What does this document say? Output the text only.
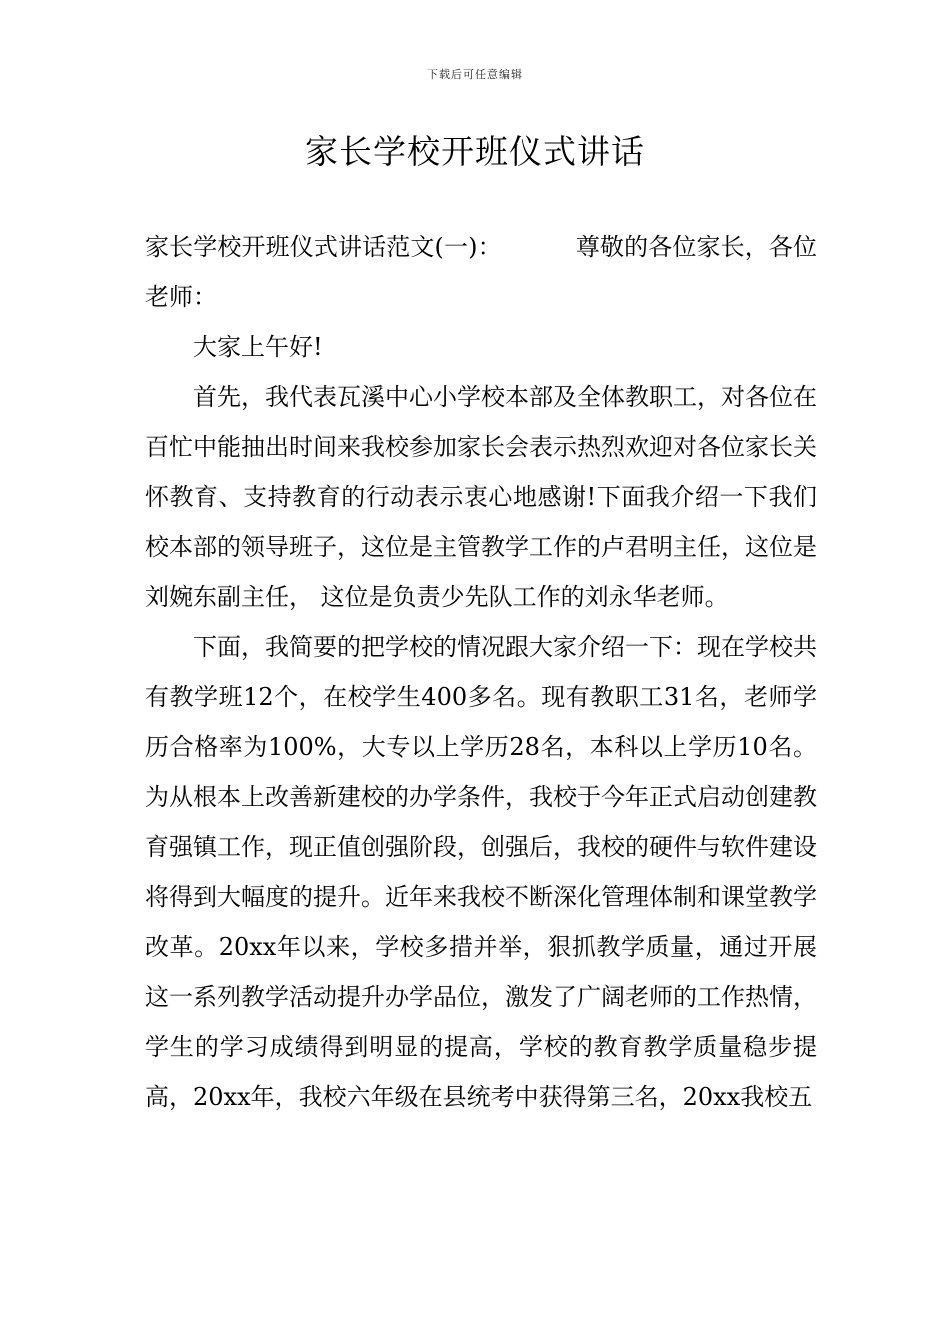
下载后可任意编辑
家长学校开班仪式讲话

家长学校开班仪式讲话范文(一)：	尊敬的各位家长，各位老师：

大家上午好!

首先，我代表瓦溪中心小学校本部及全体教职工，对各位在百忙中能抽出时间来我校参加家长会表示热烈欢迎对各位家长关怀教育、支持教育的行动表示衷心地感谢!下面我介绍一下我们校本部的领导班子，这位是主管教学工作的卢君明主任，这位是刘婉东副主任， 这位是负责少先队工作的刘永华老师。

下面，我简要的把学校的情况跟大家介绍一下：现在学校共有教学班12个，在校学生400多名。现有教职工31名，老师学历合格率为100%，大专以上学历28名，本科以上学历10名。为从根本上改善新建校的办学条件，我校于今年正式启动创建教育强镇工作，现正值创强阶段，创强后，我校的硬件与软件建设将得到大幅度的提升。近年来我校不断深化管理体制和课堂教学改革。20xx年以来，学校多措并举，狠抓教学质量，通过开展这一系列教学活动提升办学品位，激发了广阔老师的工作热情，学生的学习成绩得到明显的提高，学校的教育教学质量稳步提高，20xx年，我校六年级在县统考中获得第三名，20xx我校五
